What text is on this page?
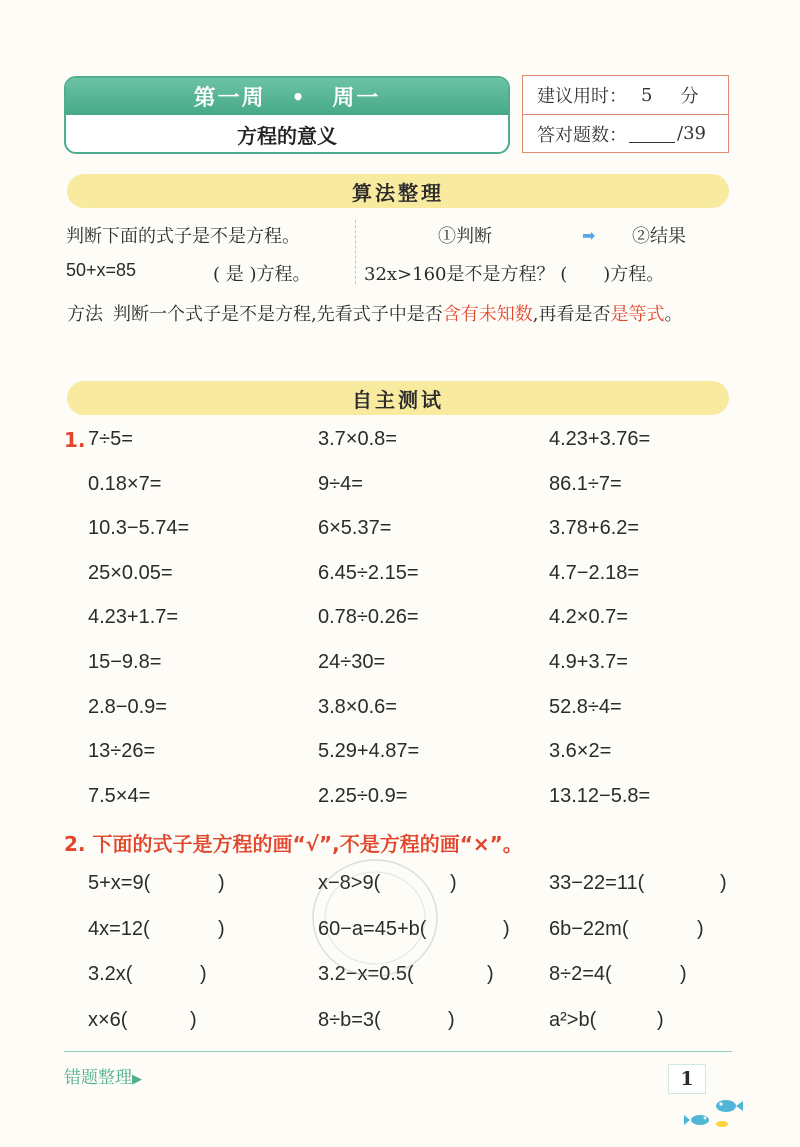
第一周 • 周一
方程的意义
建议用时： 5 分
答对题数：	/39
算法整理
判断下面的式子是不是方程。
50+x=85	( 是 )方程。
①判断	➡ ②结果
32x>160是不是方程？ (　　)方程。
方法 判断一个式子是不是方程,先看式子中是否含有未知数,再看是否是等式。
自主测试
1. 7÷5=	3.7×0.8=	4.23+3.76=
0.18×7=	9÷4=	86.1÷7=
10.3−5.74=	6×5.37=	3.78+6.2=
25×0.05=	6.45÷2.15=	4.7−2.18=
4.23+1.7=	0.78÷0.26=	4.2×0.7=
15−9.8=	24÷30=	4.9+3.7=
2.8−0.9=	3.8×0.6=	52.8÷4=
13÷26=	5.29+4.87=	3.6×2=
7.5×4=	2.25÷0.9=	13.12−5.8=
2. 下面的式子是方程的画“√”,不是方程的画“×”。
5+x=9(	)	x−8>9(	)	33−22=11(	)
4x=12(	)	60−a=45+b(	) 6b−22m(	)
3.2x(	)	3.2−x=0.5(	)	8÷2=4(	)
x×6(	)	8÷b=3(	)	a²>b(	)
错题整理▶	1
